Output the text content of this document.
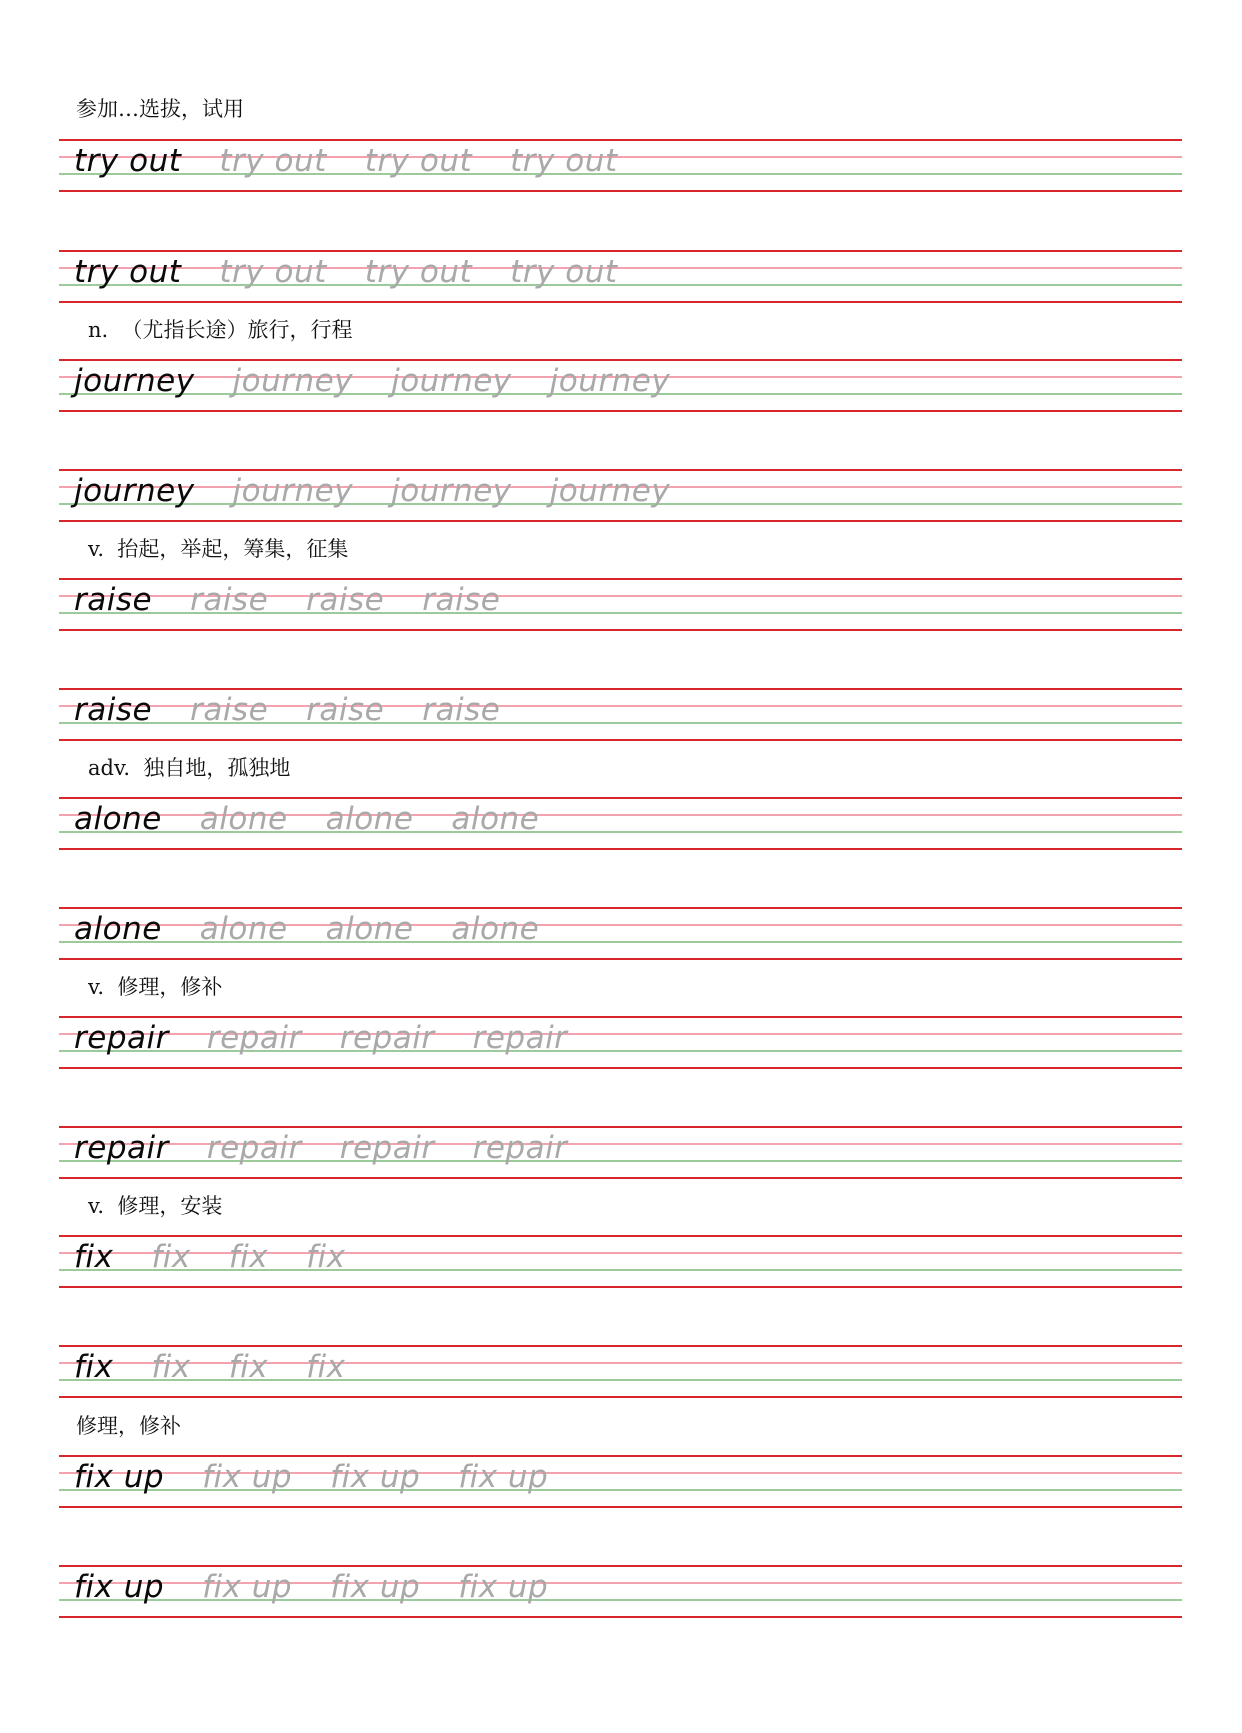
参加…选拔，试用
try out try out try out try out
try out try out try out try out
n.  （尤指长途）旅行，行程
journey journey journey journey
journey journey journey journey
v.  抬起，举起，筹集，征集
raise raise raise raise
raise raise raise raise
adv.  独自地，孤独地
alone alone alone alone
alone alone alone alone
v.  修理，修补
repair repair repair repair
repair repair repair repair
v.  修理，安装
fix fix fix fix
fix fix fix fix
修理，修补
fix up fix up fix up fix up
fix up fix up fix up fix up
